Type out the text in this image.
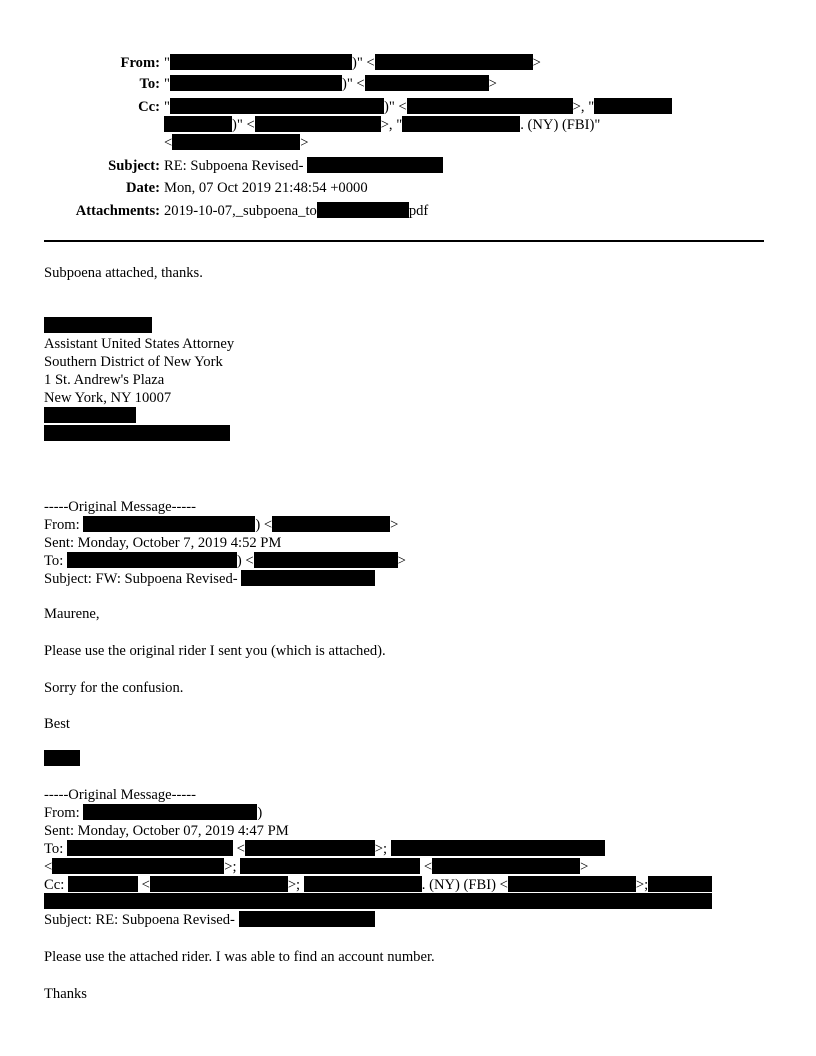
From: "	)" <	>
To: "	)" <	>
Cc: "	)" <	>, "
)" <	>, "	. (NY) (FBI)"
<	>
Subject: RE: Subpoena Revised-
Date: Mon, 07 Oct 2019 21:48:54 +0000
Attachments: 2019-10-07,_subpoena_to	pdf
Subpoena attached, thanks.
Assistant United States Attorney
Southern District of New York
1 St. Andrew's Plaza
New York, NY 10007
-----Original Message-----
From:	) <	>
Sent: Monday, October 7, 2019 4:52 PM
To:	) <	>
Subject: FW: Subpoena Revised-
Maurene,
Please use the original rider I sent you (which is attached).
Sorry for the confusion.
Best
-----Original Message-----
From:	)
Sent: Monday, October 07, 2019 4:47 PM
To:	<	>;
<	>;	<	>
Cc:	<	>;	. (NY) (FBI) <	>;
Subject: RE: Subpoena Revised-
Please use the attached rider. I was able to find an account number.
Thanks
